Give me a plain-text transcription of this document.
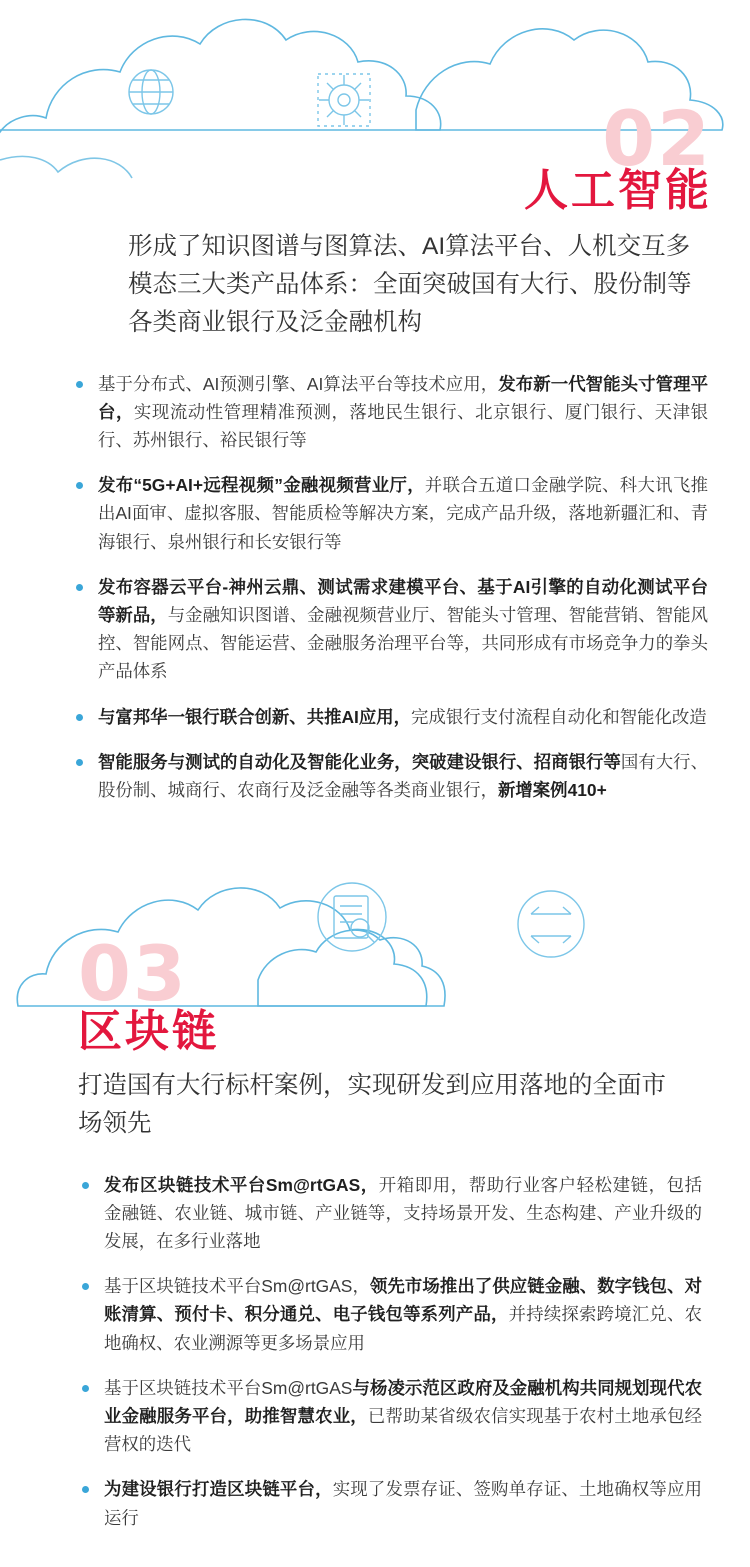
02
人工智能
形成了知识图谱与图算法、AI算法平台、人机交互多模态三大类产品体系：全面突破国有大行、股份制等各类商业银行及泛金融机构
基于分布式、AI预测引擎、AI算法平台等技术应用，发布新一代智能头寸管理平台，实现流动性管理精准预测，落地民生银行、北京银行、厦门银行、天津银行、苏州银行、裕民银行等
发布“5G+AI+远程视频”金融视频营业厅，并联合五道口金融学院、科大讯飞推出AI面审、虚拟客服、智能质检等解决方案，完成产品升级，落地新疆汇和、青海银行、泉州银行和长安银行等
发布容器云平台-神州云鼎、测试需求建模平台、基于AI引擎的自动化测试平台等新品，与金融知识图谱、金融视频营业厅、智能头寸管理、智能营销、智能风控、智能网点、智能运营、金融服务治理平台等，共同形成有市场竞争力的拳头产品体系
与富邦华一银行联合创新、共推AI应用，完成银行支付流程自动化和智能化改造
智能服务与测试的自动化及智能化业务，突破建设银行、招商银行等国有大行、股份制、城商行、农商行及泛金融等各类商业银行，新增案例410+
03
区块链
打造国有大行标杆案例，实现研发到应用落地的全面市场领先
发布区块链技术平台Sm@rtGAS，开箱即用，帮助行业客户轻松建链，包括金融链、农业链、城市链、产业链等，支持场景开发、生态构建、产业升级的发展，在多行业落地
基于区块链技术平台Sm@rtGAS，领先市场推出了供应链金融、数字钱包、对账清算、预付卡、积分通兑、电子钱包等系列产品，并持续探索跨境汇兑、农地确权、农业溯源等更多场景应用
基于区块链技术平台Sm@rtGAS与杨凌示范区政府及金融机构共同规划现代农业金融服务平台，助推智慧农业，已帮助某省级农信实现基于农村土地承包经营权的迭代
为建设银行打造区块链平台，实现了发票存证、签购单存证、土地确权等应用运行
